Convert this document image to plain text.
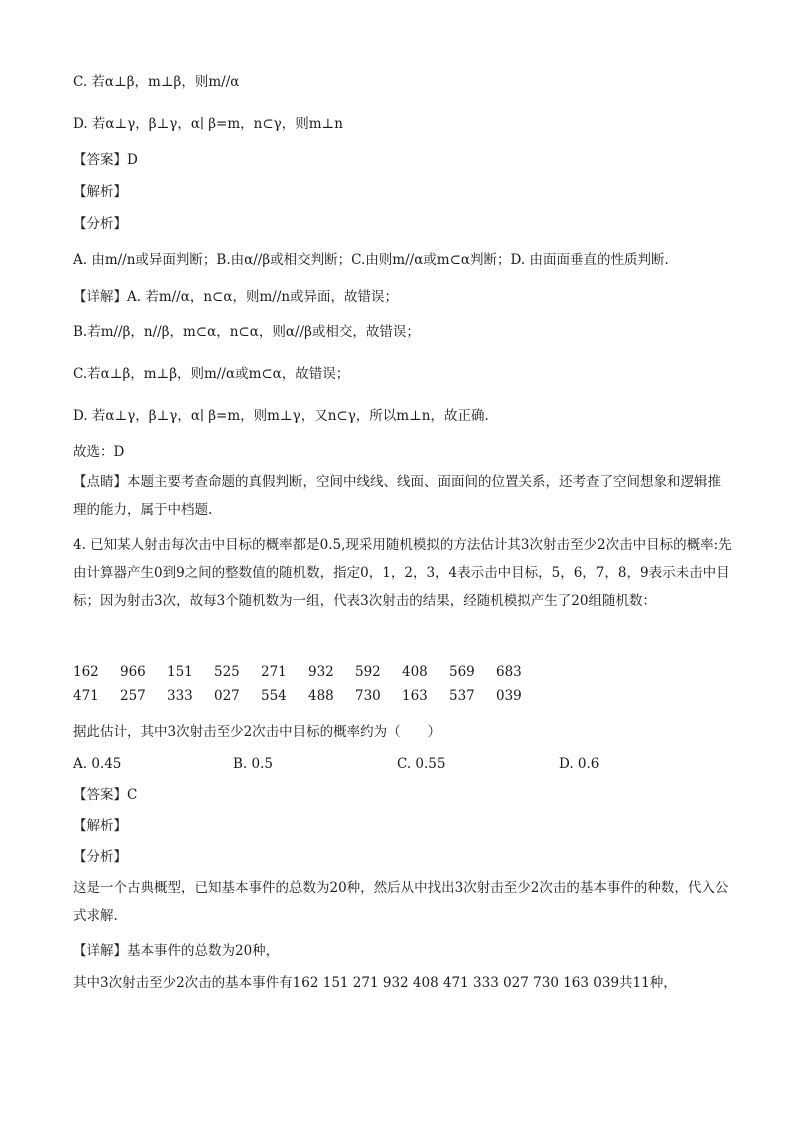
C. 若α⊥β，m⊥β，则m//α
D. 若α⊥γ，β⊥γ，α∣ β=m，n⊂γ，则m⊥n
【答案】D
【解析】
【分析】
A. 由m//n或异面判断；B.由α//β或相交判断；C.由则m//α或m⊂α判断；D. 由面面垂直的性质判断.
【详解】A. 若m//α，n⊂α，则m//n或异面，故错误；
B.若m//β，n//β，m⊂α，n⊂α，则α//β或相交，故错误；
C.若α⊥β，m⊥β，则m//α或m⊂α，故错误；
D. 若α⊥γ，β⊥γ，α∣ β=m，则m⊥γ，又n⊂γ，所以m⊥n，故正确.
故选：D
【点睛】本题主要考查命题的真假判断，空间中线线、线面、面面间的位置关系，还考查了空间想象和逻辑推理的能力，属于中档题.
4. 已知某人射击每次击中目标的概率都是0.5,现采用随机模拟的方法估计其3次射击至少2次击中目标的概率:先由计算器产生0到9之间的整数值的随机数，指定0，1，2，3，4表示击中目标，5，6，7，8，9表示未击中目标；因为射击3次，故每3个随机数为一组，代表3次射击的结果，经随机模拟产生了20组随机数：
162 966 151 525 271 932 592 408 569 683
471 257 333 027 554 488 730 163 537 039
据此估计，其中3次射击至少2次击中目标的概率约为（　　）
A. 0.45	B. 0.5	C. 0.55	D. 0.6
【答案】C
【解析】
【分析】
这是一个古典概型，已知基本事件的总数为20种，然后从中找出3次射击至少2次击的基本事件的种数，代入公式求解.
【详解】基本事件的总数为20种，
其中3次射击至少2次击的基本事件有162 151 271 932 408 471 333 027 730 163 039共11种，
